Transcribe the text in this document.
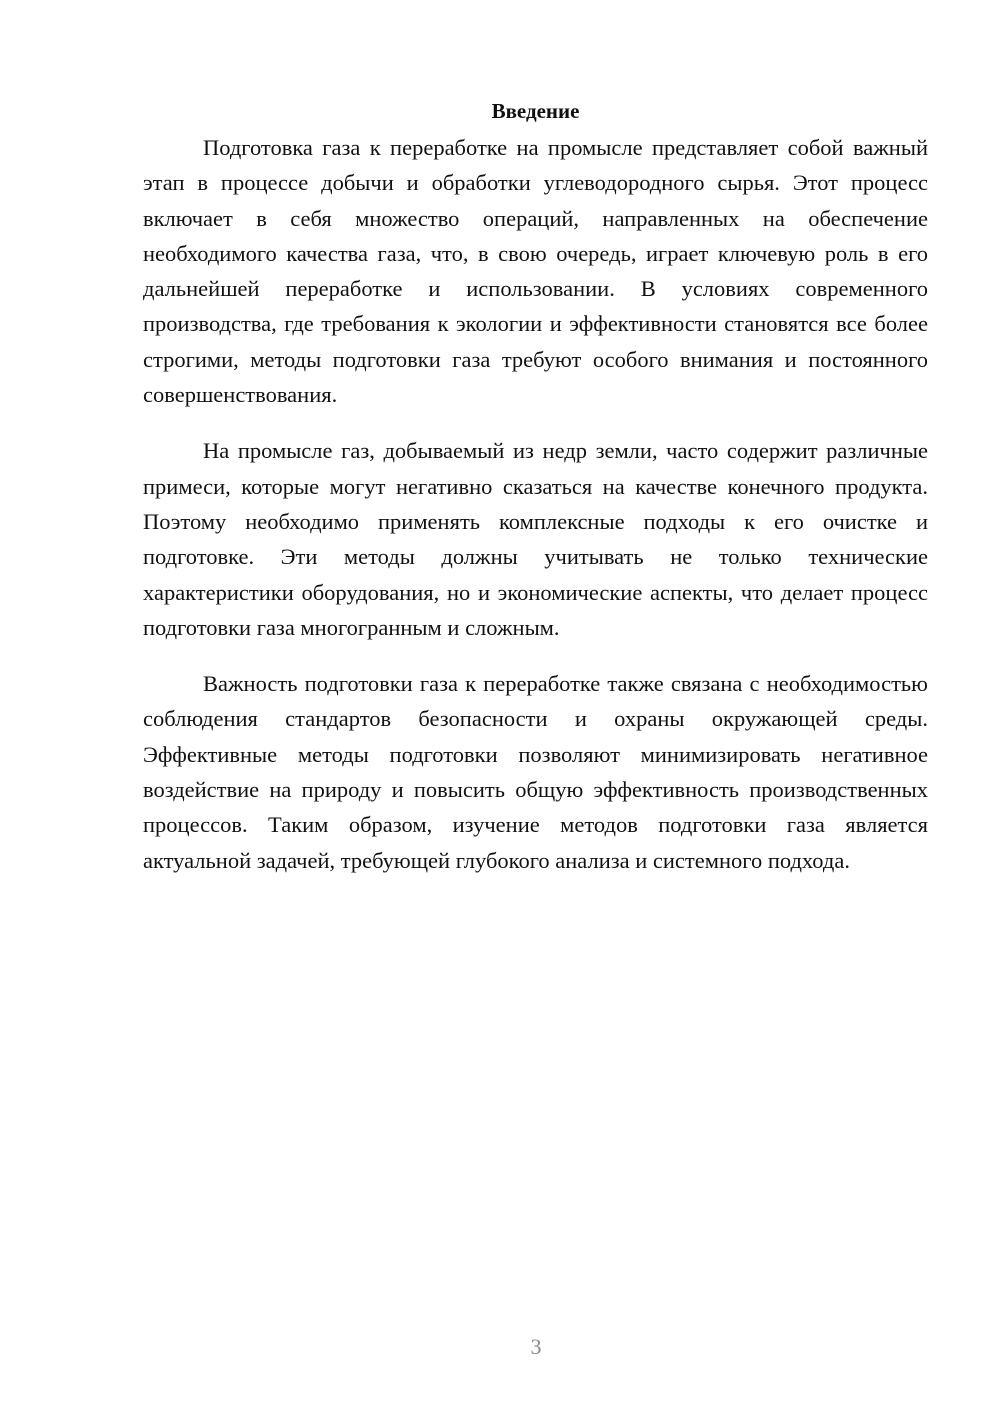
Введение

Подготовка газа к переработке на промысле представляет собой важный этап в процессе добычи и обработки углеводородного сырья. Этот процесс включает в себя множество операций, направленных на обеспечение необходимого качества газа, что, в свою очередь, играет ключевую роль в его дальнейшей переработке и использовании. В условиях современного производства, где требования к экологии и эффективности становятся все более строгими, методы подготовки газа требуют особого внимания и постоянного совершенствования.

На промысле газ, добываемый из недр земли, часто содержит различные примеси, которые могут негативно сказаться на качестве конечного продукта. Поэтому необходимо применять комплексные подходы к его очистке и подготовке. Эти методы должны учитывать не только технические характеристики оборудования, но и экономические аспекты, что делает процесс подготовки газа многогранным и сложным.

Важность подготовки газа к переработке также связана с необходимостью соблюдения стандартов безопасности и охраны окружающей среды. Эффективные методы подготовки позволяют минимизировать негативное воздействие на природу и повысить общую эффективность производственных процессов. Таким образом, изучение методов подготовки газа является актуальной задачей, требующей глубокого анализа и системного подхода.

3
